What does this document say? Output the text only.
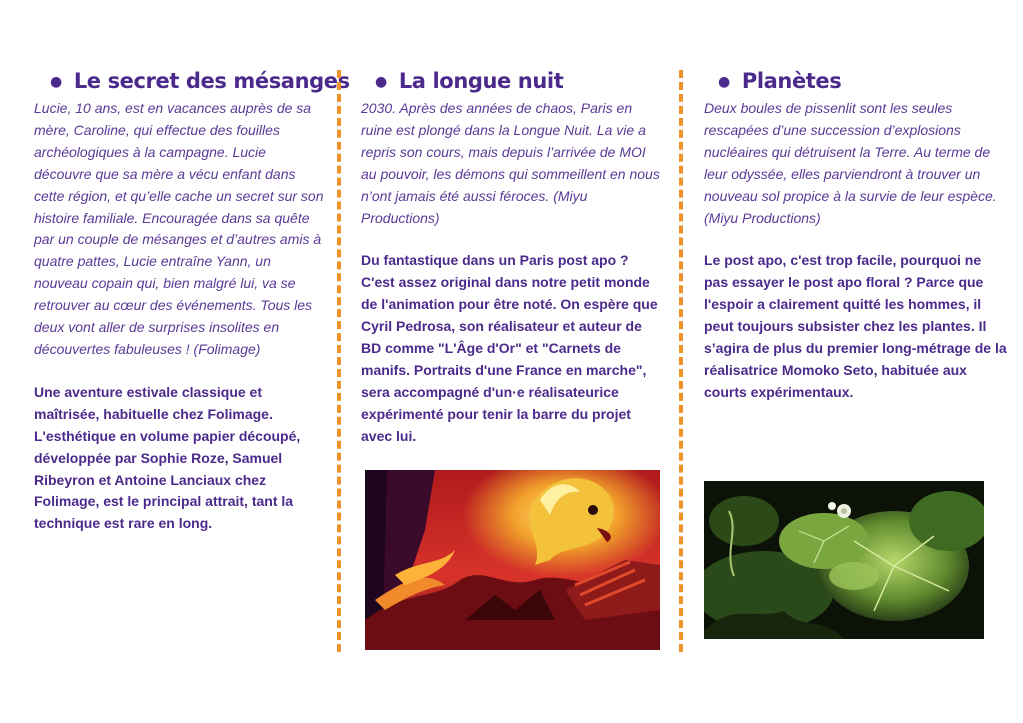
● Le secret des mésanges

Lucie, 10 ans, est en vacances auprès de sa mère, Caroline, qui effectue des fouilles archéologiques à la campagne. Lucie découvre que sa mère a vécu enfant dans cette région, et qu’elle cache un secret sur son histoire familiale. Encouragée dans sa quête par un couple de mésanges et d’autres amis à quatre pattes, Lucie entraîne Yann, un nouveau copain qui, bien malgré lui, va se retrouver au cœur des événements. Tous les deux vont aller de surprises insolites en découvertes fabuleuses ! (Folimage)

Une aventure estivale classique et maîtrisée, habituelle chez Folimage. L'esthétique en volume papier découpé, développée par Sophie Roze, Samuel Ribeyron et Antoine Lanciaux chez Folimage, est le principal attrait, tant la technique est rare en long.

● La longue nuit

2030. Après des années de chaos, Paris en ruine est plongé dans la Longue Nuit. La vie a repris son cours, mais depuis l’arrivée de MOI au pouvoir, les démons qui sommeillent en nous n’ont jamais été aussi féroces. (Miyu Productions)

Du fantastique dans un Paris post apo ? C'est assez original dans notre petit monde de l'animation pour être noté. On espère que Cyril Pedrosa, son réalisateur et auteur de BD comme "L'Âge d'Or" et "Carnets de manifs. Portraits d'une France en marche", sera accompagné d'un·e réalisateurice expérimenté pour tenir la barre du projet avec lui.

● Planètes

Deux boules de pissenlit sont les seules rescapées d’une succession d’explosions nucléaires qui détruisent la Terre. Au terme de leur odyssée, elles parviendront à trouver un nouveau sol propice à la survie de leur espèce. (Miyu Productions)

Le post apo, c'est trop facile, pourquoi ne pas essayer le post apo floral ? Parce que l'espoir a clairement quitté les hommes, il peut toujours subsister chez les plantes. Il s’agira de plus du premier long-métrage de la réalisatrice Momoko Seto, habituée aux courts expérimentaux.
